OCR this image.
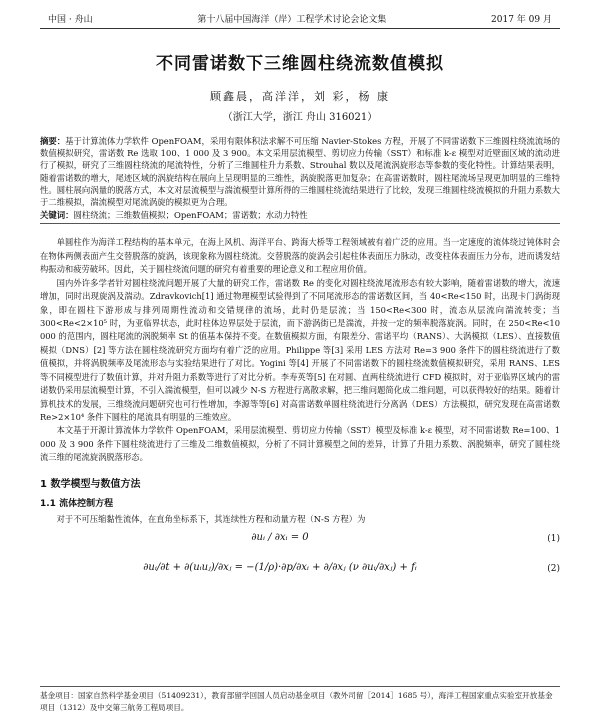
中国 · 舟山	第十八届中国海洋（岸）工程学术讨论会论文集	2017 年 09 月
不同雷诺数下三维圆柱绕流数值模拟
顾鑫晨，高洋洋，刘 彩，杨 康
（浙江大学，浙江 舟山 316021）
摘要：基于计算流体力学软件 OpenFOAM，采用有限体积法求解不可压缩 Navier-Stokes 方程，开展了不同雷诺数下三维圆柱绕流流场的数值模拟研究，雷诺数 Re 选取 100、1 000 及 3 900。本文采用层流模型、剪切应力传输（SST）和标准 k-ε 模型对近壁面区域的流动进行了模拟，研究了三维圆柱绕流的尾流特性，分析了三维圆柱升力系数、Strouhal 数以及尾流涡旋形态等参数的变化特性。计算结果表明，随着雷诺数的增大，尾迹区域的涡旋结构在展向上呈现明显的三维性，涡旋脱落更加复杂；在高雷诺数时，圆柱尾流场呈现更加明显的三维特性。圆柱展向涡量的脱落方式，本文对层流模型与湍流模型计算所得的三维圆柱绕流结果进行了比较，发现三维圆柱绕流模拟的升阻力系数大于二维模拟，湍流模型对尾流涡旋的模拟更为合理。
关键词：圆柱绕流；三维数值模拟；OpenFOAM；雷诺数；水动力特性

单圆柱作为海洋工程结构的基本单元，在海上风机、海洋平台、跨海大桥等工程领域被有着广泛的应用。当一定速度的流体绕过钝体时会在物体两侧表面产生交替脱落的旋涡，该现象称为圆柱绕流。交替脱落的旋涡会引起柱体表面压力脉动，改变柱体表面压力分布，进而诱发结构振动和疲劳破坏。因此，关于圆柱绕流问题的研究有着重要的理论意义和工程应用价值。

国内外许多学者针对圆柱绕流问题开展了大量的研究工作，雷诺数 Re 的变化对圆柱绕流尾流形态有较大影响，随着雷诺数的增大，流速增加，同时出现旋涡及湍动。Zdravkovich[1] 通过物理模型试验得到了不同尾流形态的雷诺数区间，当 40<Re<150 时，出现卡门涡街现象，即在圆柱下游形成与排列周期性流动和交错规律的流场，此时仍是层流；当 150<Re<300 时，流态从层流向湍流转变；当 300<Re<2×10⁵ 时，为亚临界状态，此时柱体边界层处于层流，而下游涡街已是湍流，并按一定的频率脱落旋涡。同时，在 250<Re<10 000 的范围内，圆柱尾流的涡脱频率 St 的值基本保持不变。在数值模拟方面，有限差分、雷诺平均（RANS）、大涡模拟（LES）、直接数值模拟（DNS）[2] 等方法在圆柱绕流研究方面均有着广泛的应用。Philippe 等[3] 采用 LES 方法对 Re=3 900 条件下的圆柱绕流进行了数值模拟，并将涡脱频率及尾流形态与实验结果进行了对比。Yogini 等[4] 开展了不同雷诺数下的圆柱绕流数值模拟研究，采用 RANS、LES 等不同模型进行了数值计算，并对升阻力系数等进行了对比分析。李寿英等[5] 在对圆、直两柱绕流进行 CFD 模拟时，对于亚临界区域内的雷诺数仍采用层流模型计算，不引入湍流模型，但可以减少 N-S 方程进行离散求解，把三维问题简化成二维问题，可以获得较好的结果。随着计算机技术的发展，三维绕流问题研究也可行性增加，李源等等[6] 对高雷诺数单圆柱绕流进行分离涡（DES）方法模拟，研究发现在高雷诺数 Re>2×10⁴ 条件下圆柱的尾流具有明显的三维效应。

本文基于开源计算流体力学软件 OpenFOAM，采用层流模型、剪切应力传输（SST）模型及标准 k-ε 模型，对不同雷诺数 Re=100、1 000 及 3 900 条件下圆柱绕流进行了三维及二维数值模拟，分析了不同计算模型之间的差异，计算了升阻力系数、涡脱频率，研究了圆柱绕流三维的尾流旋涡脱落形态。

1 数学模型与数值方法
1.1 流体控制方程

对于不可压缩黏性流体，在直角坐标系下，其连续性方程和动量方程（N-S 方程）为

∂uᵢ / ∂xᵢ = 0	(1)
∂uᵢ/∂t + ∂(uᵢuⱼ)/∂xⱼ = −(1/ρ)·∂p/∂xᵢ + ∂/∂xⱼ (ν ∂uᵢ/∂xⱼ) + fᵢ	(2)
基金项目：国家自然科学基金项目（51409231），教育部留学回国人员启动基金项目（教外司留［2014］1685 号），海洋工程国家重点实验室开放基金项目（1312）及中交第三航务工程局项目。
